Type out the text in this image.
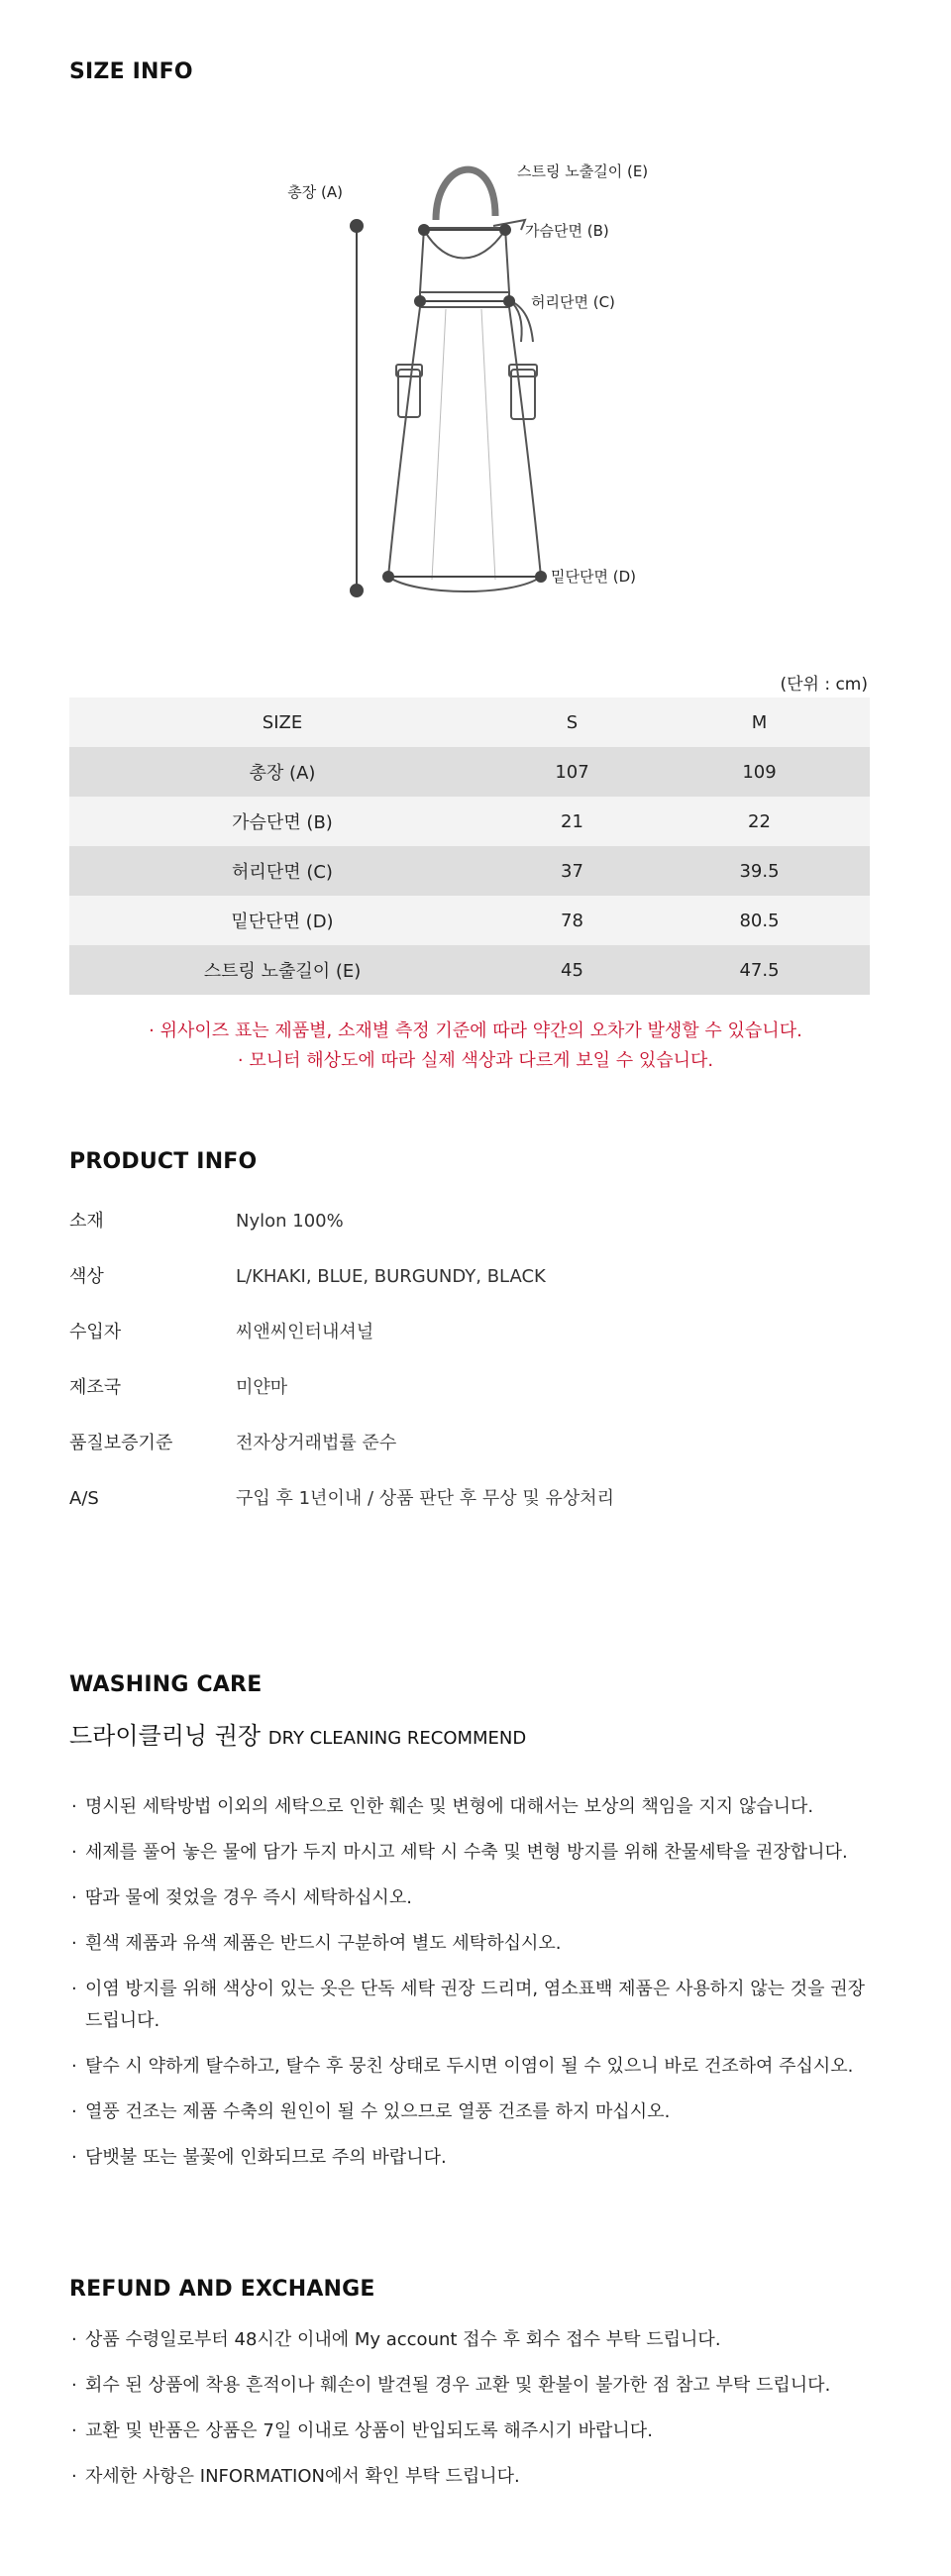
SIZE INFO
총장 (A)
스트링 노출길이 (E)
가슴단면 (B)
허리단면 (C)
밑단단면 (D)
(단위 : cm)
SIZE	S	M
총장 (A)	107	109
가슴단면 (B)	21	22
허리단면 (C)	37	39.5
밑단단면 (D)	78	80.5
스트링 노출길이 (E)	45	47.5
· 위사이즈 표는 제품별, 소재별 측정 기준에 따라 약간의 오차가 발생할 수 있습니다.
· 모니터 해상도에 따라 실제 색상과 다르게 보일 수 있습니다.
PRODUCT INFO
소재	Nylon 100%
색상	L/KHAKI, BLUE, BURGUNDY, BLACK
수입자	씨앤씨인터내셔널
제조국	미얀마
품질보증기준	전자상거래법률 준수
A/S	구입 후 1년이내 / 상품 판단 후 무상 및 유상처리
WASHING CARE
드라이클리닝 권장 DRY CLEANING RECOMMEND
· 명시된 세탁방법 이외의 세탁으로 인한 훼손 및 변형에 대해서는 보상의 책임을 지지 않습니다.
· 세제를 풀어 놓은 물에 담가 두지 마시고 세탁 시 수축 및 변형 방지를 위해 찬물세탁을 권장합니다.
· 땀과 물에 젖었을 경우 즉시 세탁하십시오.
· 흰색 제품과 유색 제품은 반드시 구분하여 별도 세탁하십시오.
· 이염 방지를 위해 색상이 있는 옷은 단독 세탁 권장 드리며, 염소표백 제품은 사용하지 않는 것을 권장 드립니다.
· 탈수 시 약하게 탈수하고, 탈수 후 뭉친 상태로 두시면 이염이 될 수 있으니 바로 건조하여 주십시오.
· 열풍 건조는 제품 수축의 원인이 될 수 있으므로 열풍 건조를 하지 마십시오.
· 담뱃불 또는 불꽃에 인화되므로 주의 바랍니다.
REFUND AND EXCHANGE
· 상품 수령일로부터 48시간 이내에 My account 접수 후 회수 접수 부탁 드립니다.
· 회수 된 상품에 착용 흔적이나 훼손이 발견될 경우 교환 및 환불이 불가한 점 참고 부탁 드립니다.
· 교환 및 반품은 상품은 7일 이내로 상품이 반입되도록 해주시기 바랍니다.
· 자세한 사항은 INFORMATION에서 확인 부탁 드립니다.
